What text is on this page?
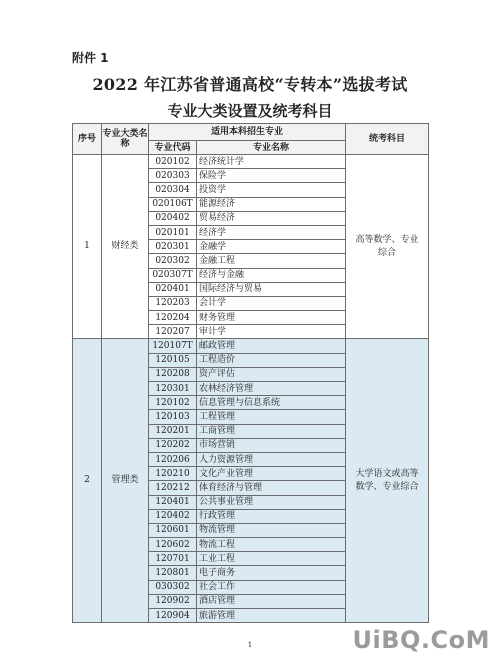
附件 1
2022 年江苏省普通高校“专转本”选拔考试
专业大类设置及统考科目
序号	专业大类名称	适用本科招生专业		统考科目
		专业代码	专业名称	
1	财经类	020102	经济统计学	高等数学、专业综合
		020303	保险学	
		020304	投资学	
		020106T	能源经济	
		020402	贸易经济	
		020101	经济学	
		020301	金融学	
		020302	金融工程	
		020307T	经济与金融	
		020401	国际经济与贸易	
		120203	会计学	
		120204	财务管理	
		120207	审计学	
2	管理类	120107T	邮政管理	大学语文或高等数学、专业综合
		120105	工程造价	
		120208	资产评估	
		120301	农林经济管理	
		120102	信息管理与信息系统	
		120103	工程管理	
		120201	工商管理	
		120202	市场营销	
		120206	人力资源管理	
		120210	文化产业管理	
		120212	体育经济与管理	
		120401	公共事业管理	
		120402	行政管理	
		120601	物流管理	
		120602	物流工程	
		120701	工业工程	
		120801	电子商务	
		030302	社会工作	
		120902	酒店管理	
		120904	旅游管理	
1	UiBQ.CoM
